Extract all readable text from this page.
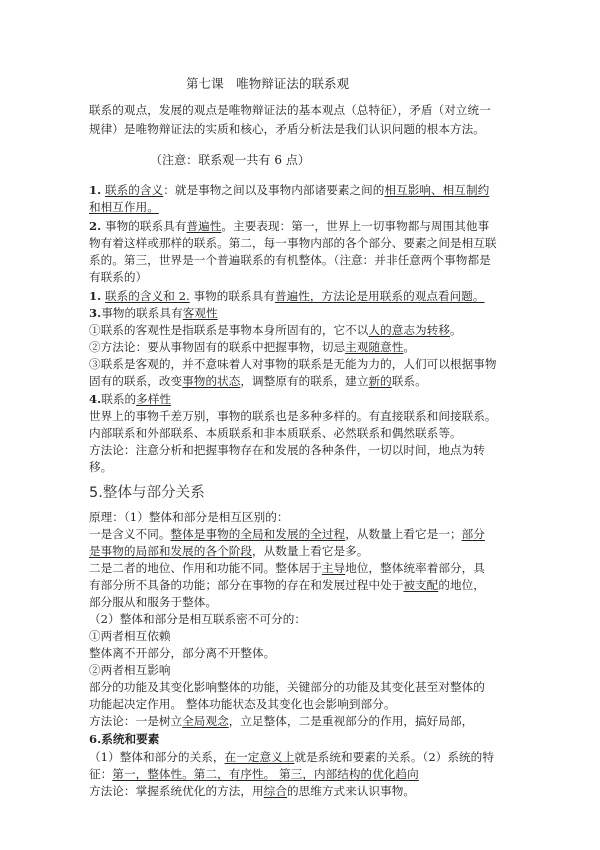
第七课　唯物辩证法的联系观
联系的观点，发展的观点是唯物辩证法的基本观点（总特征），矛盾（对立统一
规律）是唯物辩证法的实质和核心，矛盾分析法是我们认识问题的根本方法。
（注意：联系观一共有 6 点）
1. 联系的含义：就是事物之间以及事物内部诸要素之间的相互影响、相互制约
和相互作用。
2. 事物的联系具有普遍性。主要表现：第一，世界上一切事物都与周围其他事
物有着这样或那样的联系。第二，每一事物内部的各个部分、要素之间是相互联
系的。第三，世界是一个普遍联系的有机整体。（注意：并非任意两个事物都是
有联系的）
1. 联系的含义和 2. 事物的联系具有普遍性，方法论是用联系的观点看问题。
3.事物的联系具有客观性
①联系的客观性是指联系是事物本身所固有的，它不以人的意志为转移。
②方法论：要从事物固有的联系中把握事物，切忌主观随意性。
③联系是客观的，并不意味着人对事物的联系是无能为力的，人们可以根据事物
固有的联系，改变事物的状态，调整原有的联系，建立新的联系。
4.联系的多样性
世界上的事物千差万别，事物的联系也是多种多样的。有直接联系和间接联系。
内部联系和外部联系、本质联系和非本质联系、必然联系和偶然联系等。
方法论：注意分析和把握事物存在和发展的各种条件，一切以时间，地点为转
5.整体与部分关系
原理：（1）整体和部分是相互区别的：
一是含义不同。整体是事物的全局和发展的全过程，从数量上看它是一；部分
是事物的局部和发展的各个阶段，从数量上看它是多。
二是二者的地位、作用和功能不同。整体居于主导地位，整体统率着部分，具
有部分所不具备的功能；部分在事物的存在和发展过程中处于被支配的地位，
部分服从和服务于整体。
（2）整体和部分是相互联系密不可分的：
①两者相互依赖
整体离不开部分，部分离不开整体。
②两者相互影响
部分的功能及其变化影响整体的功能，关键部分的功能及其变化甚至对整体的
功能起决定作用。 整体功能状态及其变化也会影响到部分。
方法论：一是树立全局观念，立足整体，二是重视部分的作用，搞好局部，
6.系统和要素
（1）整体和部分的关系，在一定意义上就是系统和要素的关系。（2）系统的特
征：第一，整体性。第二，有序性。 第三，内部结构的优化趋向
方法论：掌握系统优化的方法，用综合的思维方式来认识事物。
移。
